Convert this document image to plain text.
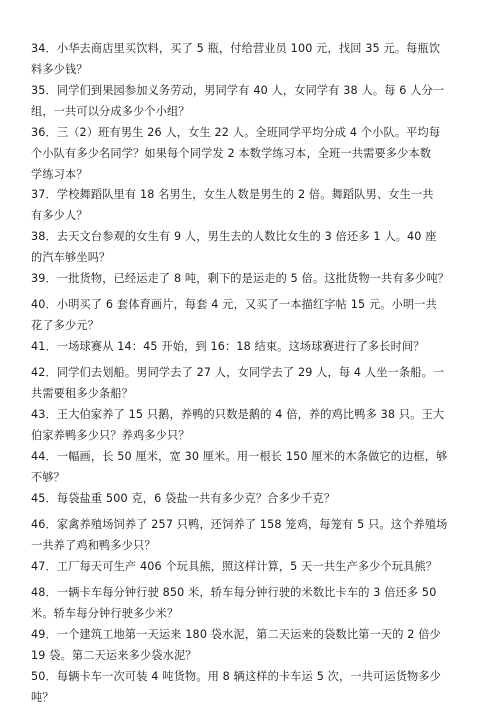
34．小华去商店里买饮料，买了 5 瓶，付给营业员 100 元，找回 35 元。每瓶饮
料多少钱？
35．同学们到果园参加义务劳动，男同学有 40 人，女同学有 38 人。每 6 人分一
组，一共可以分成多少个小组？
36．三（2）班有男生 26 人，女生 22 人。全班同学平均分成 4 个小队。平均每
个小队有多少名同学？如果每个同学发 2 本数学练习本，全班一共需要多少本数
学练习本？
37．学校舞蹈队里有 18 名男生，女生人数是男生的 2 倍。舞蹈队男、女生一共
有多少人？
38．去天文台参观的女生有 9 人，男生去的人数比女生的 3 倍还多 1 人。40 座
的汽车够坐吗？
39．一批货物，已经运走了 8 吨，剩下的是运走的 5 倍。这批货物一共有多少吨？
40．小明买了 6 套体育画片，每套 4 元，又买了一本描红字帖 15 元。小明一共
花了多少元？
41．一场球赛从 14：45 开始，到 16：18 结束。这场球赛进行了多长时间？
42．同学们去划船。男同学去了 27 人，女同学去了 29 人，每 4 人坐一条船。一
共需要租多少条船？
43．王大伯家养了 15 只鹅，养鸭的只数是鹅的 4 倍，养的鸡比鸭多 38 只。王大
伯家养鸭多少只？养鸡多少只？
44．一幅画，长 50 厘米，宽 30 厘米。用一根长 150 厘米的木条做它的边框，够
不够？
45．每袋盐重 500 克，6 袋盐一共有多少克？合多少千克？
46．家禽养殖场饲养了 257 只鸭，还饲养了 158 笼鸡，每笼有 5 只。这个养殖场
一共养了鸡和鸭多少只？
47．工厂每天可生产 406 个玩具熊，照这样计算，5 天一共生产多少个玩具熊？
48．一辆卡车每分钟行驶 850 米，轿车每分钟行驶的米数比卡车的 3 倍还多 50
米。轿车每分钟行驶多少米？
49．一个建筑工地第一天运来 180 袋水泥，第二天运来的袋数比第一天的 2 倍少
19 袋。第二天运来多少袋水泥？
50．每辆卡车一次可装 4 吨货物。用 8 辆这样的卡车运 5 次，一共可运货物多少
吨？
